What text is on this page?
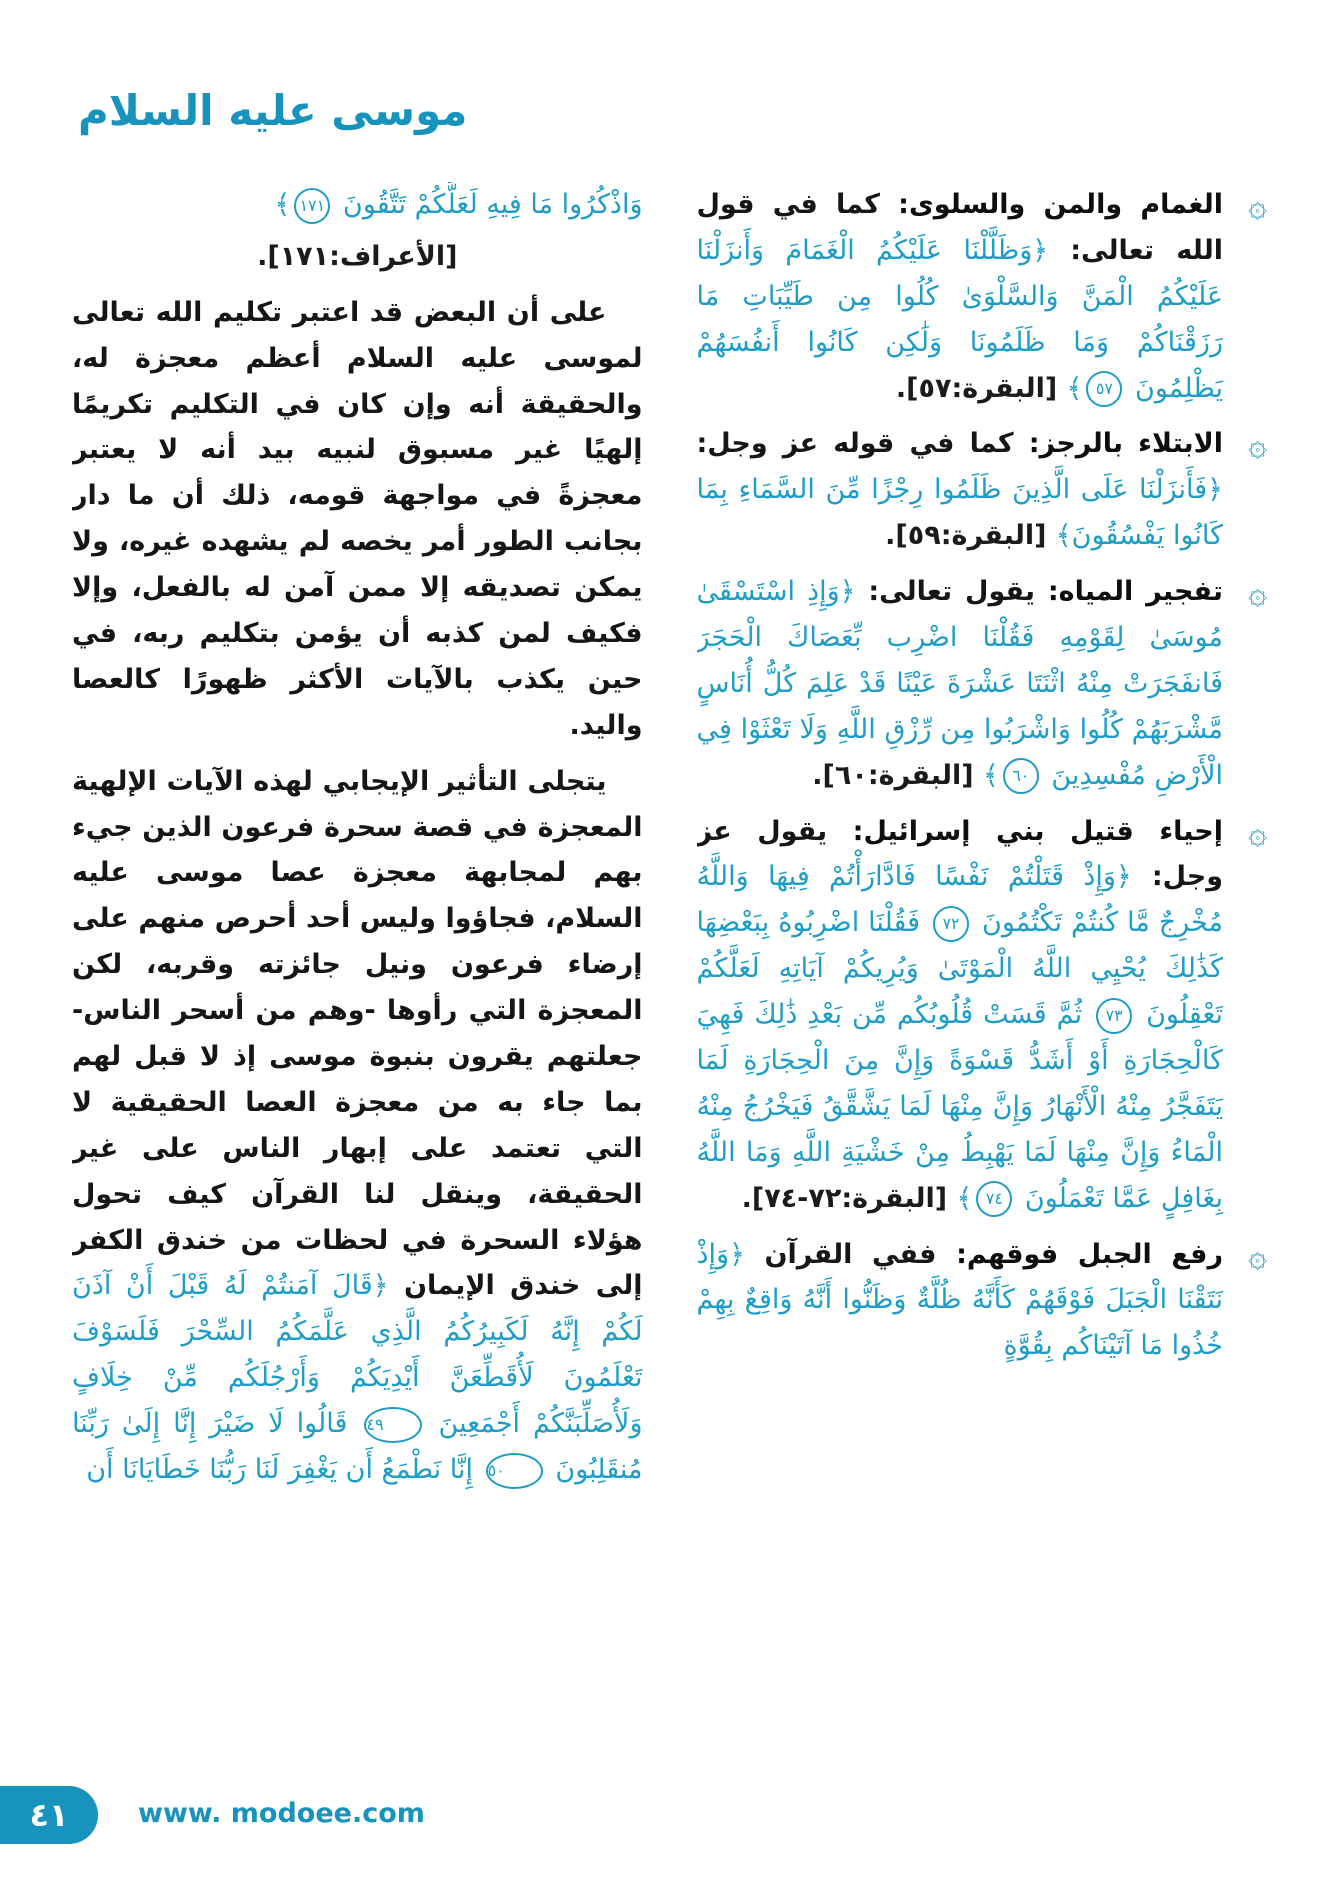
موسى عليه السلام

۞
الغمام والمن والسلوى: كما في قول الله تعالى: ﴿وَظَلَّلْنَا عَلَيْكُمُ الْغَمَامَ وَأَنزَلْنَا عَلَيْكُمُ الْمَنَّ وَالسَّلْوَىٰ كُلُوا مِن طَيِّبَاتِ مَا رَزَقْنَاكُمْ وَمَا ظَلَمُونَا وَلَٰكِن كَانُوا أَنفُسَهُمْ يَظْلِمُونَ ٥٧﴾ [البقرة:٥٧].

۞
الابتلاء بالرجز: كما في قوله عز وجل: ﴿فَأَنزَلْنَا عَلَى الَّذِينَ ظَلَمُوا رِجْزًا مِّنَ السَّمَاءِ بِمَا كَانُوا يَفْسُقُونَ﴾ [البقرة:٥٩].

۞
تفجير المياه: يقول تعالى: ﴿وَإِذِ اسْتَسْقَىٰ مُوسَىٰ لِقَوْمِهِ فَقُلْنَا اضْرِب بِّعَصَاكَ الْحَجَرَ فَانفَجَرَتْ مِنْهُ اثْنَتَا عَشْرَةَ عَيْنًا قَدْ عَلِمَ كُلُّ أُنَاسٍ مَّشْرَبَهُمْ كُلُوا وَاشْرَبُوا مِن رِّزْقِ اللَّهِ وَلَا تَعْثَوْا فِي الْأَرْضِ مُفْسِدِينَ ٦٠﴾ [البقرة:٦٠].

۞
إحياء قتيل بني إسرائيل: يقول عز وجل: ﴿وَإِذْ قَتَلْتُمْ نَفْسًا فَادَّارَأْتُمْ فِيهَا وَاللَّهُ مُخْرِجٌ مَّا كُنتُمْ تَكْتُمُونَ ٧٢ فَقُلْنَا اضْرِبُوهُ بِبَعْضِهَا كَذَٰلِكَ يُحْيِي اللَّهُ الْمَوْتَىٰ وَيُرِيكُمْ آيَاتِهِ لَعَلَّكُمْ تَعْقِلُونَ ٧٣ ثُمَّ قَسَتْ قُلُوبُكُم مِّن بَعْدِ ذَٰلِكَ فَهِيَ كَالْحِجَارَةِ أَوْ أَشَدُّ قَسْوَةً وَإِنَّ مِنَ الْحِجَارَةِ لَمَا يَتَفَجَّرُ مِنْهُ الْأَنْهَارُ وَإِنَّ مِنْهَا لَمَا يَشَّقَّقُ فَيَخْرُجُ مِنْهُ الْمَاءُ وَإِنَّ مِنْهَا لَمَا يَهْبِطُ مِنْ خَشْيَةِ اللَّهِ وَمَا اللَّهُ بِغَافِلٍ عَمَّا تَعْمَلُونَ ٧٤﴾ [البقرة:٧٢-٧٤].

۞
رفع الجبل فوقهم: ففي القرآن ﴿وَإِذْ نَتَقْنَا الْجَبَلَ فَوْقَهُمْ كَأَنَّهُ ظُلَّةٌ وَظَنُّوا أَنَّهُ وَاقِعٌ بِهِمْ خُذُوا مَا آتَيْنَاكُم بِقُوَّةٍ

وَاذْكُرُوا مَا فِيهِ لَعَلَّكُمْ تَتَّقُونَ ١٧١﴾

[الأعراف:١٧١].

على أن البعض قد اعتبر تكليم الله تعالى لموسى عليه السلام أعظم معجزة له، والحقيقة أنه وإن كان في التكليم تكريمًا إلهيًا غير مسبوق لنبيه بيد أنه لا يعتبر معجزةً في مواجهة قومه، ذلك أن ما دار بجانب الطور أمر يخصه لم يشهده غيره، ولا يمكن تصديقه إلا ممن آمن له بالفعل، وإلا فكيف لمن كذبه أن يؤمن بتكليم ربه، في حين يكذب بالآيات الأكثر ظهورًا كالعصا واليد.

يتجلى التأثير الإيجابي لهذه الآيات الإلهية المعجزة في قصة سحرة فرعون الذين جيء بهم لمجابهة معجزة عصا موسى عليه السلام، فجاؤوا وليس أحد أحرص منهم على إرضاء فرعون ونيل جائزته وقربه، لكن المعجزة التي رأوها -وهم من أسحر الناس- جعلتهم يقرون بنبوة موسى إذ لا قبل لهم بما جاء به من معجزة العصا الحقيقية لا التي تعتمد على إبهار الناس على غير الحقيقة، وينقل لنا القرآن كيف تحول هؤلاء السحرة في لحظات من خندق الكفر إلى خندق الإيمان ﴿قَالَ آمَنتُمْ لَهُ قَبْلَ أَنْ آذَنَ لَكُمْ إِنَّهُ لَكَبِيرُكُمُ الَّذِي عَلَّمَكُمُ السِّحْرَ فَلَسَوْفَ تَعْلَمُونَ لَأُقَطِّعَنَّ أَيْدِيَكُمْ وَأَرْجُلَكُم مِّنْ خِلَافٍ وَلَأُصَلِّبَنَّكُمْ أَجْمَعِينَ ٤٩ قَالُوا لَا ضَيْرَ إِنَّا إِلَىٰ رَبِّنَا مُنقَلِبُونَ ٥٠ إِنَّا نَطْمَعُ أَن يَغْفِرَ لَنَا رَبُّنَا خَطَايَانَا أَن

٤١	www. modoee.com
